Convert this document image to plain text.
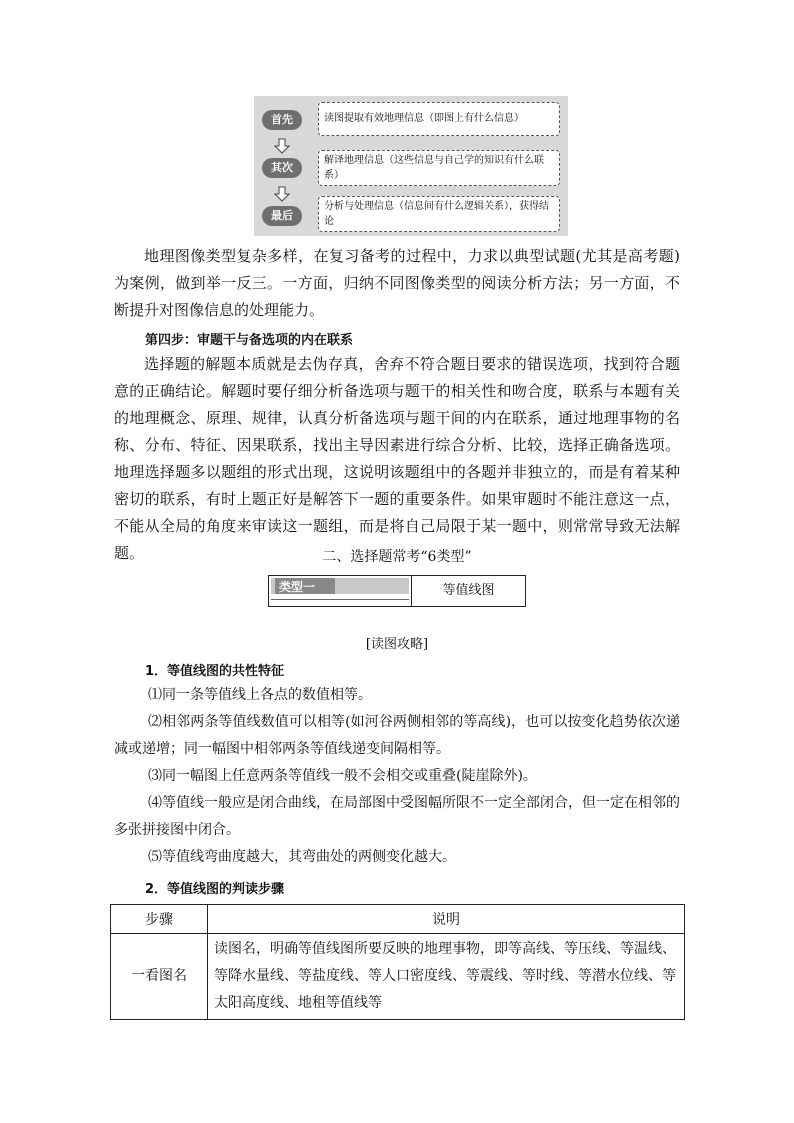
首先	读图提取有效地理信息（即图上有什么信息）
其次
解译地理信息（这些信息与自己学的知识有什么联系）
最后
分析与处理信息（信息间有什么逻辑关系），获得结论

地理图像类型复杂多样，在复习备考的过程中，力求以典型试题(尤其是高考题)为案例，做到举一反三。一方面，归纳不同图像类型的阅读分析方法；另一方面，不断提升对图像信息的处理能力。

第四步：审题干与备选项的内在联系

选择题的解题本质就是去伪存真，舍弃不符合题目要求的错误选项，找到符合题意的正确结论。解题时要仔细分析备选项与题干的相关性和吻合度，联系与本题有关的地理概念、原理、规律，认真分析备选项与题干间的内在联系，通过地理事物的名称、分布、特征、因果联系，找出主导因素进行综合分析、比较，选择正确备选项。地理选择题多以题组的形式出现，这说明该题组中的各题并非独立的，而是有着某种密切的联系，有时上题正好是解答下一题的重要条件。如果审题时不能注意这一点，不能从全局的角度来审读这一题组，而是将自己局限于某一题中，则常常导致无法解题。	二、选择题常考“6类型”

类型一	等值线图

[读图攻略]

1．等值线图的共性特征

⑴同一条等值线上各点的数值相等。

⑵相邻两条等值线数值可以相等(如河谷两侧相邻的等高线)，也可以按变化趋势依次递减或递增；同一幅图中相邻两条等值线递变间隔相等。

⑶同一幅图上任意两条等值线一般不会相交或重叠(陡崖除外)。

⑷等值线一般应是闭合曲线，在局部图中受图幅所限不一定全部闭合，但一定在相邻的多张拼接图中闭合。

⑸等值线弯曲度越大，其弯曲处的两侧变化越大。

2．等值线图的判读步骤

步骤	说明
一看图名	读图名，明确等值线图所要反映的地理事物，即等高线、等压线、等温线、等降水量线、等盐度线、等人口密度线、等震线、等时线、等潜水位线、等太阳高度线、地租等值线等
